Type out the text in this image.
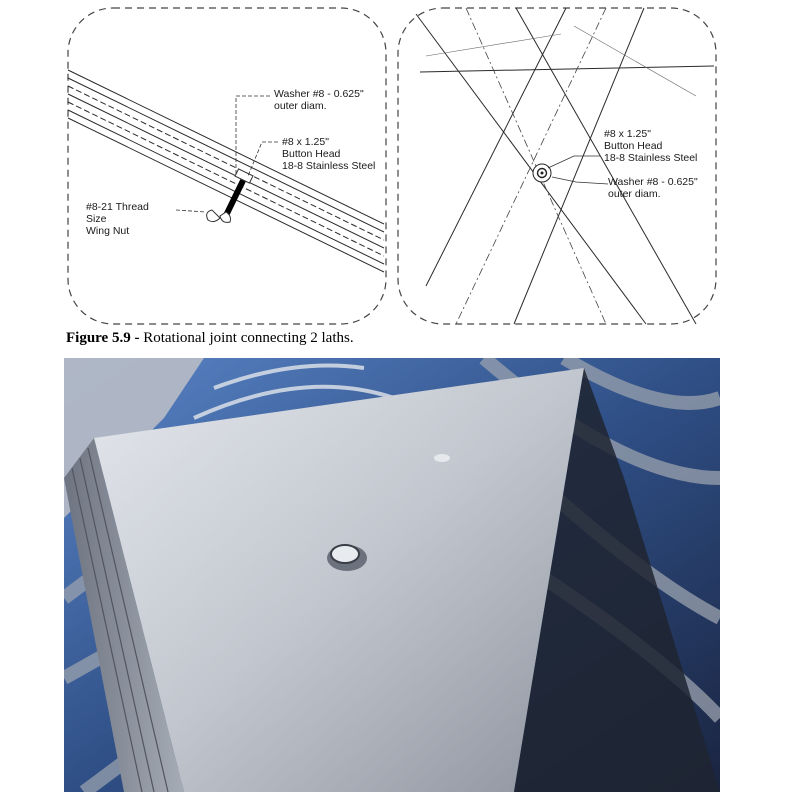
Washer #8 - 0.625"
outer diam.
#8 x 1.25"
Button Head
18-8 Stainless Steel
#8-21 Thread
Size
Wing Nut
#8 x 1.25"
Button Head
18-8 Stainless Steel
Washer #8 - 0.625"
outer diam.
Figure 5.9 - Rotational joint connecting 2 laths.
